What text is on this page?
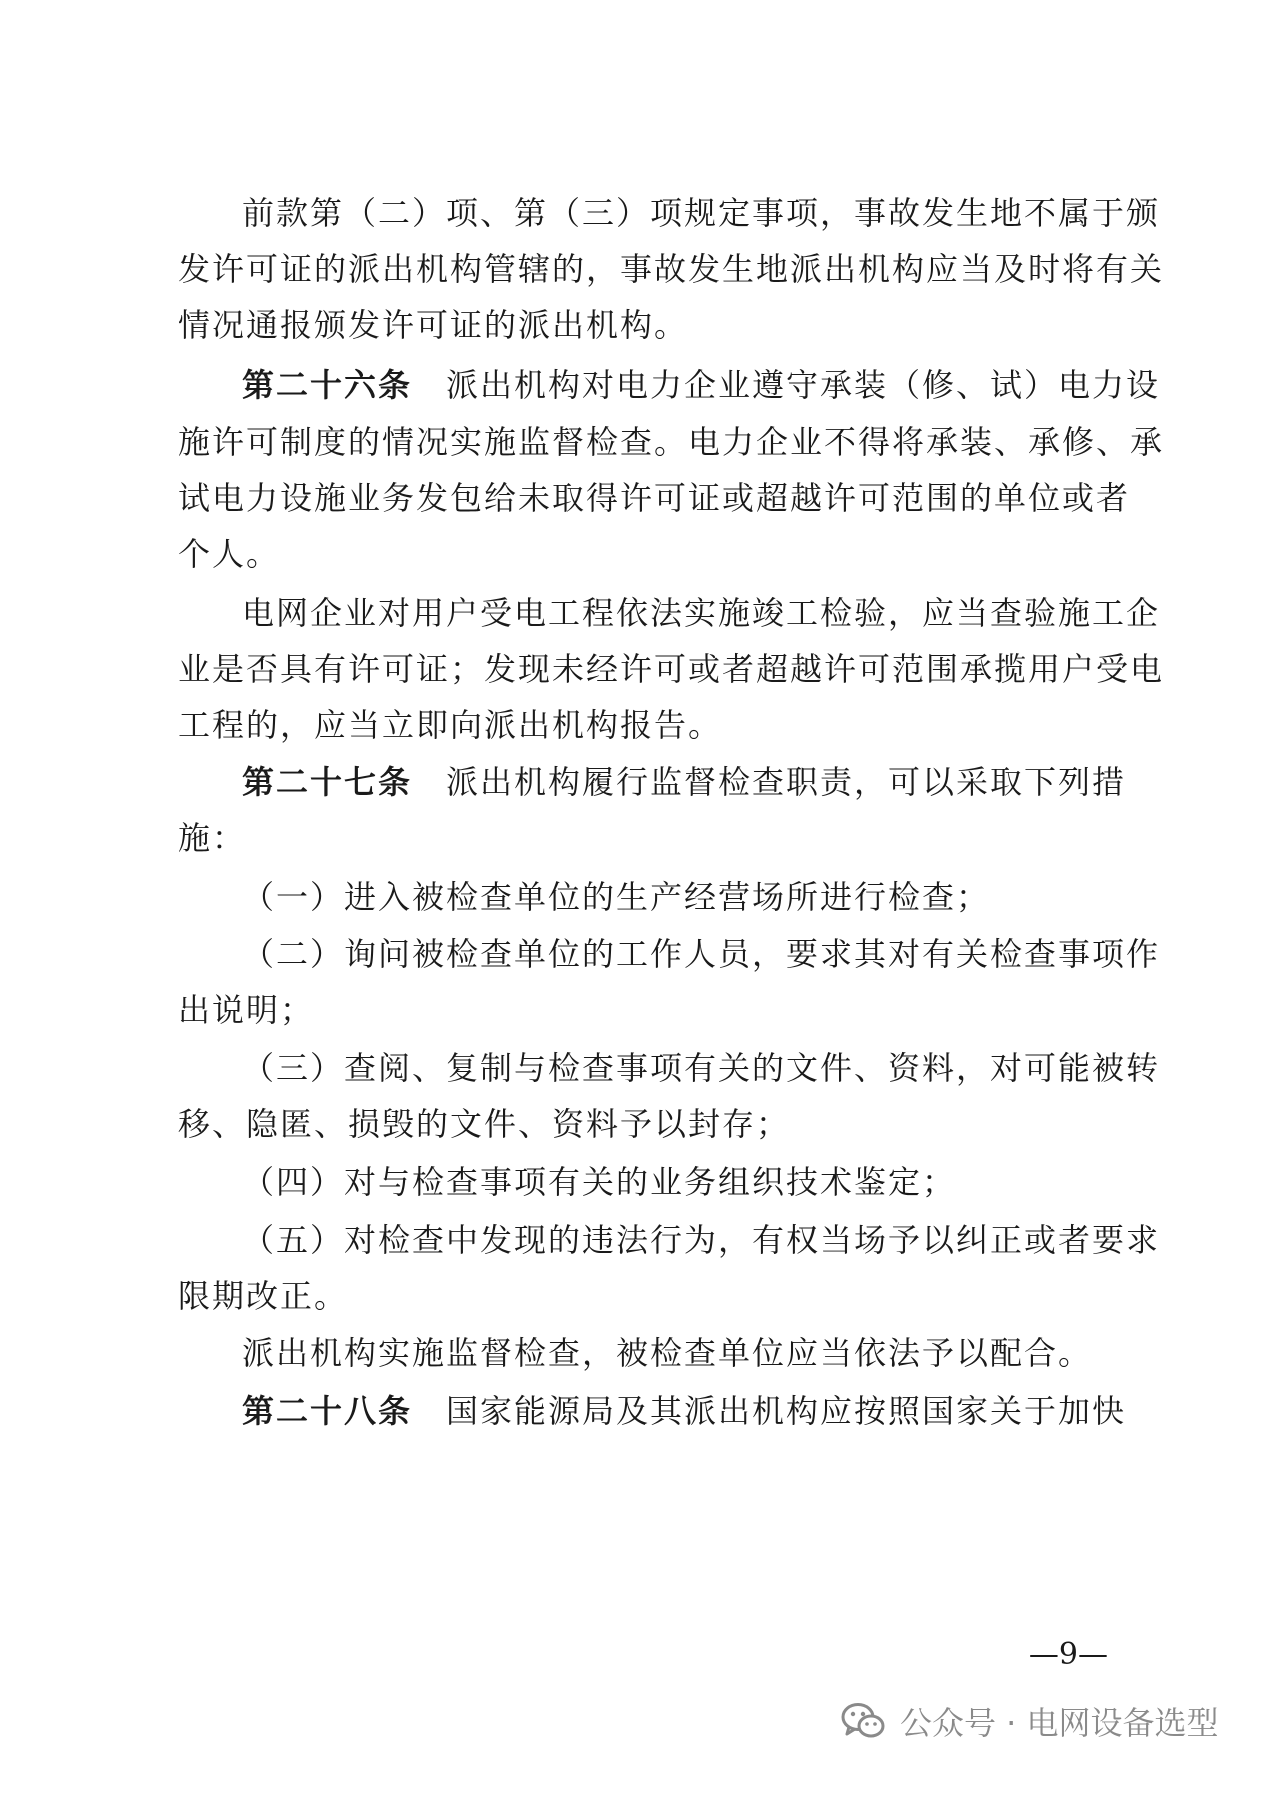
前款第（二）项、第（三）项规定事项，事故发生地不属于颁
发许可证的派出机构管辖的，事故发生地派出机构应当及时将有关
情况通报颁发许可证的派出机构。
第二十六条 派出机构对电力企业遵守承装（修、试）电力设
施许可制度的情况实施监督检查。电力企业不得将承装、承修、承
试电力设施业务发包给未取得许可证或超越许可范围的单位或者
个人。
电网企业对用户受电工程依法实施竣工检验，应当查验施工企
业是否具有许可证；发现未经许可或者超越许可范围承揽用户受电
工程的，应当立即向派出机构报告。
第二十七条 派出机构履行监督检查职责，可以采取下列措
施：
（一）进入被检查单位的生产经营场所进行检查；
（二）询问被检查单位的工作人员，要求其对有关检查事项作
出说明；
（三）查阅、复制与检查事项有关的文件、资料，对可能被转
移、隐匿、损毁的文件、资料予以封存；
（四）对与检查事项有关的业务组织技术鉴定；
（五）对检查中发现的违法行为，有权当场予以纠正或者要求
限期改正。
派出机构实施监督检查，被检查单位应当依法予以配合。
第二十八条 国家能源局及其派出机构应按照国家关于加快
—9—
公众号 · 电网设备选型
